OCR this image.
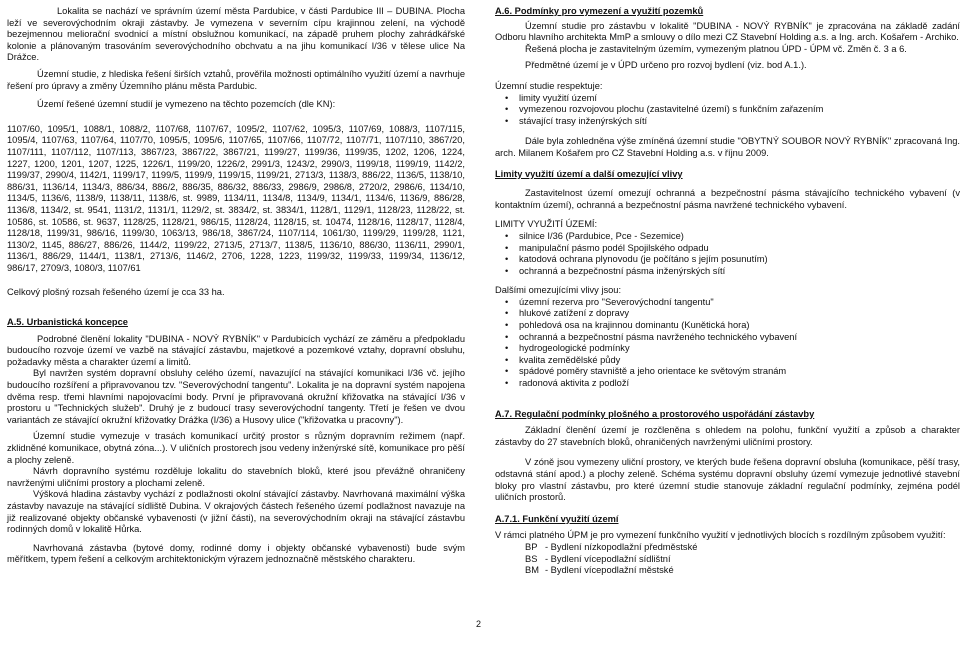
Lokalita se nachází ve správním území města Pardubice, v části Pardubice III – DUBINA. Plocha leží ve severovýchodním okraji zástavby. Je vymezena v severním cípu krajinnou zelení, na východě bezejmennou meliorační svodnicí a místní obslužnou komunikací, na západě pruhem plochy zahrádkářské kolonie a plánovaným trasováním severovýchodního obchvatu a na jihu komunikací I/36 v tělese ulice Na Drážce.

Územní studie, z hlediska řešení širších vztahů, prověřila možnosti optimálního využití území a navrhuje řešení pro úpravy a změny Územního plánu města Pardubic.

Území řešené územní studií je vymezeno na těchto pozemcích (dle KN):

1107/60, 1095/1, 1088/1, 1088/2, 1107/68, 1107/67, 1095/2, 1107/62, 1095/3, 1107/69, 1088/3, 1107/115, 1095/4, 1107/63, 1107/64, 1107/70, 1095/5, 1095/6, 1107/65, 1107/66, 1107/72, 1107/71, 1107/110, 3867/20, 1107/111, 1107/112, 1107/113, 3867/23, 3867/22, 3867/21, 1199/27, 1199/36, 1199/35, 1202, 1206, 1224, 1227, 1200, 1201, 1207, 1225, 1226/1, 1199/20, 1226/2, 2991/3, 1243/2, 2990/3, 1199/18, 1199/19, 1142/2, 1199/37, 2990/4, 1142/1, 1199/17, 1199/5, 1199/9, 1199/15, 1199/21, 2713/3, 1138/3, 886/22, 1136/5, 1138/10, 886/31, 1136/14, 1134/3, 886/34, 886/2, 886/35, 886/32, 886/33, 2986/9, 2986/8, 2720/2, 2986/6, 1134/10, 1134/5, 1136/6, 1138/9, 1138/11, 1138/6, st. 9989, 1134/11, 1134/8, 1134/9, 1134/1, 1134/6, 1136/9, 886/28, 1136/8, 1134/2, st. 9541, 1131/2, 1131/1, 1129/2, st. 3834/2, st. 3834/1, 1128/1, 1129/1, 1128/23, 1128/22, st. 10586, st. 10586, st. 9637, 1128/25, 1128/21, 986/15, 1128/24, 1128/15, st. 10474, 1128/16, 1128/17, 1128/4, 1128/18, 1199/31, 986/16, 1199/30, 1063/13, 986/18, 3867/24, 1107/114, 1061/30, 1199/29, 1199/28, 1121, 1130/2, 1145, 886/27, 886/26, 1144/2, 1199/22, 2713/5, 2713/7, 1138/5, 1136/10, 886/30, 1136/11, 2990/1, 1136/1, 886/29, 1144/1, 1138/1, 2713/6, 1146/2, 2706, 1228, 1223, 1199/32, 1199/33, 1199/34, 1136/12, 986/17, 2709/3, 1080/3, 1107/61

Celkový plošný rozsah řešeného území je cca 33 ha.

A.5. Urbanistická koncepce

Podrobné členění lokality "DUBINA - NOVÝ RYBNÍK" v Pardubicích vychází ze záměru a předpokladu budoucího rozvoje území ve vazbě na stávající zástavbu, majetkové a pozemkové vztahy, dopravní obsluhu, požadavky města a charakter území a limitů.

Byl navržen systém dopravní obsluhy celého území, navazující na stávající komunikaci I/36 vč. jejího budoucího rozšíření a připravovanou tzv. "Severovýchodní tangentu". Lokalita je na dopravní systém napojena dvěma resp. třemi hlavními napojovacími body. První je připravovaná okružní křižovatka na stávající I/36 v prostoru u "Technických služeb". Druhý je z budoucí trasy severovýchodní tangenty. Třetí je řešen ve dvou variantách ze stávající okružní křižovatky Drážka (I/36) a Husovy ulice ("křižovatka u pracovny").

Územní studie vymezuje v trasách komunikací určitý prostor s různým dopravním režimem (např. zklidněné komunikace, obytná zóna...). V uličních prostorech jsou vedeny inženýrské sítě, komunikace pro pěší a plochy zeleně.

Návrh dopravního systému rozděluje lokalitu do stavebních bloků, které jsou převážně ohraničeny navrženými uličními prostory a plochami zeleně.

Výšková hladina zástavby vychází z podlažnosti okolní stávající zástavby. Navrhovaná maximální výška zástavby navazuje na stávající sídliště Dubina. V okrajových částech řešeného území podlažnost navazuje na již realizované objekty občanské vybavenosti (v jižní části), na severovýchodním okraji na stávající zástavbu rodinných domů v lokalitě Hůrka.

Navrhovaná zástavba (bytové domy, rodinné domy i objekty občanské vybavenosti) bude svým měřítkem, typem řešení a celkovým architektonickým výrazem jednoznačně městského charakteru.

A.6. Podmínky pro vymezení a využití pozemků

Územní studie pro zástavbu v lokalitě "DUBINA - NOVÝ RYBNÍK" je zpracována na základě zadání Odboru hlavního architekta MmP a smlouvy o dílo mezi CZ Stavební Holding a.s. a Ing. arch. Košařem - Archiko.

Řešená plocha je zastavitelným územím, vymezeným platnou ÚPD - ÚPM vč. Změn č. 3 a 6.

Předmětné území je v ÚPD určeno pro rozvoj bydlení (viz. bod A.1.).

Územní studie respektuje:

• limity využití území
• vymezenou rozvojovou plochu (zastavitelné území) s funkčním zařazením
• stávající trasy inženýrských sítí

Dále byla zohledněna výše zmíněná územní studie "OBYTNÝ SOUBOR NOVÝ RYBNÍK" zpracovaná Ing. arch. Milanem Košařem pro CZ Stavební Holding a.s. v říjnu 2009.

Limity využití území a další omezující vlivy

Zastavitelnost území omezují ochranná a bezpečnostní pásma stávajícího technického vybavení (v kontaktním území), ochranná a bezpečnostní pásma navržené technického vybavení.

LIMITY VYUŽITÍ ÚZEMÍ:

• silnice I/36 (Pardubice, Pce - Sezemice)
• manipulační pásmo podél Spojilského odpadu
• katodová ochrana plynovodu (je počítáno s jejím posunutím)
• ochranná a bezpečnostní pásma inženýrských sítí

Dalšími omezujícími vlivy jsou:

• územní rezerva pro "Severovýchodní tangentu"
• hlukové zatížení z dopravy
• pohledová osa na krajinnou dominantu (Kunětická hora)
• ochranná a bezpečnostní pásma navrženého technického vybavení
• hydrogeologické podmínky
• kvalita zemědělské půdy
• spádové poměry stavniště a jeho orientace ke světovým stranám
• radonová aktivita z podloží

A.7. Regulační podmínky plošného a prostorového uspořádání zástavby

Základní členění území je rozčleněna s ohledem na polohu, funkční využití a způsob a charakter zástavby do 27 stavebních bloků, ohraničených navrženými uličními prostory.

V zóně jsou vymezeny uliční prostory, ve kterých bude řešena dopravní obsluha (komunikace, pěší trasy, odstavná stání apod.) a plochy zeleně. Schéma systému dopravní obsluhy území vymezuje jednotlivé stavební bloky pro vlastní zástavbu, pro které územní studie stanovuje základní regulační podmínky, zejména podél uličních prostorů.

A.7.1. Funkční využití území

V rámci platného ÚPM je pro vymezení funkčního využití v jednotlivých blocích s rozdílným způsobem využití:

BP	- Bydlení nízkopodlažní předměstské
BS	- Bydlení vícepodlažní sídlištní
BM	- Bydlení vícepodlažní městské
2
